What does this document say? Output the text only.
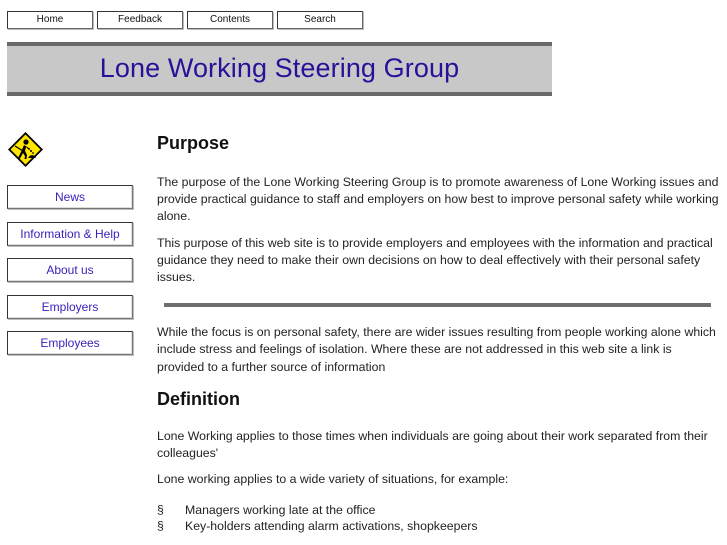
Home	Feedback	Contents	Search
Lone Working Steering Group
News
Information & Help
About us
Employers
Employees
Purpose

The purpose of the Lone Working Steering Group is to promote awareness of Lone Working issues and provide practical guidance to staff and employers on how best to improve personal safety while working alone.

This purpose of this web site is to provide employers and employees with the information and practical guidance they need to make their own decisions on how to deal effectively with their personal safety issues.

While the focus is on personal safety, there are wider issues resulting from people working alone which include stress and feelings of isolation. Where these are not addressed in this web site a link is provided to a further source of information

Definition

Lone Working applies to those times when individuals are going about their work separated from their colleagues'

Lone working applies to a wide variety of situations, for example:

§	Managers working late at the office
§	Key-holders attending alarm activations, shopkeepers
